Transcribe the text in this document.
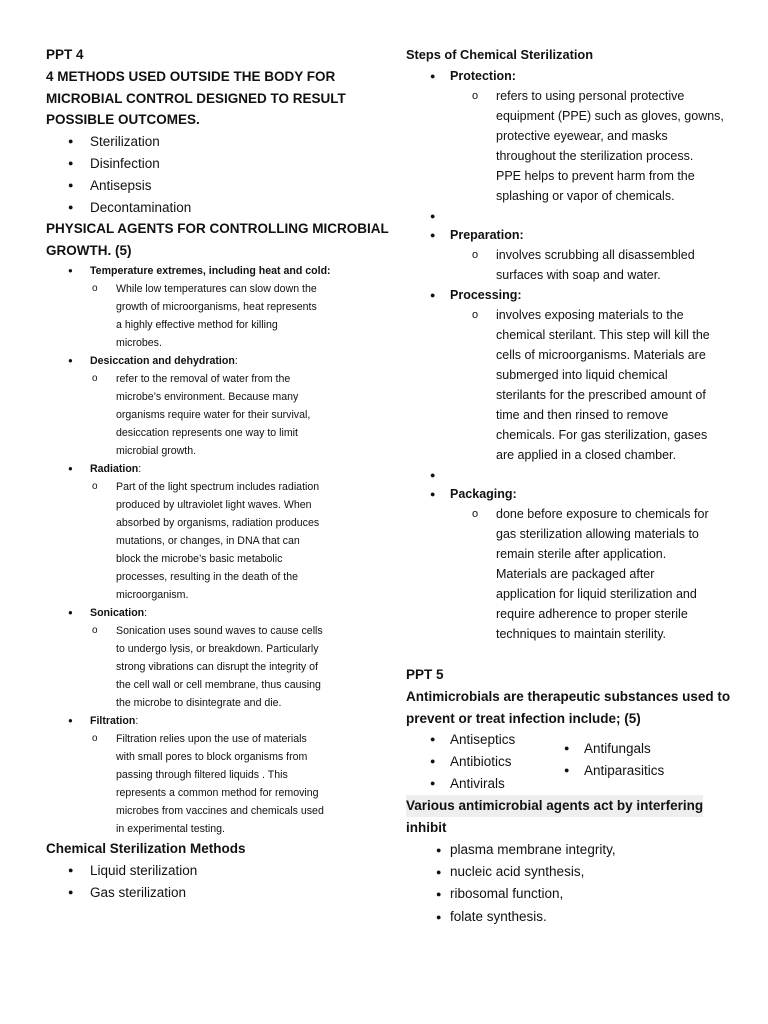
PPT 4
4 METHODS USED OUTSIDE THE BODY FOR
MICROBIAL CONTROL DESIGNED TO RESULT
POSSIBLE OUTCOMES.
● Sterilization
● Disinfection
● Antisepsis
● Decontamination
PHYSICAL AGENTS FOR CONTROLLING MICROBIAL
GROWTH. (5)
● Temperature extremes, including heat and cold:
o While low temperatures can slow down the
growth of microorganisms, heat represents
a highly effective method for killing
microbes.
● Desiccation and dehydration:
o refer to the removal of water from the
microbe’s environment. Because many
organisms require water for their survival,
desiccation represents one way to limit
microbial growth.
● Radiation:
o Part of the light spectrum includes radiation
produced by ultraviolet light waves. When
absorbed by organisms, radiation produces
mutations, or changes, in DNA that can
block the microbe’s basic metabolic
processes, resulting in the death of the
microorganism.
● Sonication:
o Sonication uses sound waves to cause cells
to undergo lysis, or breakdown. Particularly
strong vibrations can disrupt the integrity of
the cell wall or cell membrane, thus causing
the microbe to disintegrate and die.
● Filtration:
o Filtration relies upon the use of materials
with small pores to block organisms from
passing through filtered liquids . This
represents a common method for removing
microbes from vaccines and chemicals used
in experimental testing.
Chemical Sterilization Methods
● Liquid sterilization
● Gas sterilization
Steps of Chemical Sterilization
● Protection:
o refers to using personal protective
equipment (PPE) such as gloves, gowns,
protective eyewear, and masks
throughout the sterilization process.
PPE helps to prevent harm from the
splashing or vapor of chemicals.
●
● Preparation:
o involves scrubbing all disassembled
surfaces with soap and water.
● Processing:
o involves exposing materials to the
chemical sterilant. This step will kill the
cells of microorganisms. Materials are
submerged into liquid chemical
sterilants for the prescribed amount of
time and then rinsed to remove
chemicals. For gas sterilization, gases
are applied in a closed chamber.
●
● Packaging:
o done before exposure to chemicals for
gas sterilization allowing materials to
remain sterile after application.
Materials are packaged after
application for liquid sterilization and
require adherence to proper sterile
techniques to maintain sterility.
PPT 5
Antimicrobials are therapeutic substances used to
prevent or treat infection include; (5)
● Antiseptics
● Antibiotics
● Antivirals
● Antifungals
● Antiparasitics
Various antimicrobial agents act by interfering
inhibit
● plasma membrane integrity,
● nucleic acid synthesis,
● ribosomal function,
● folate synthesis.
